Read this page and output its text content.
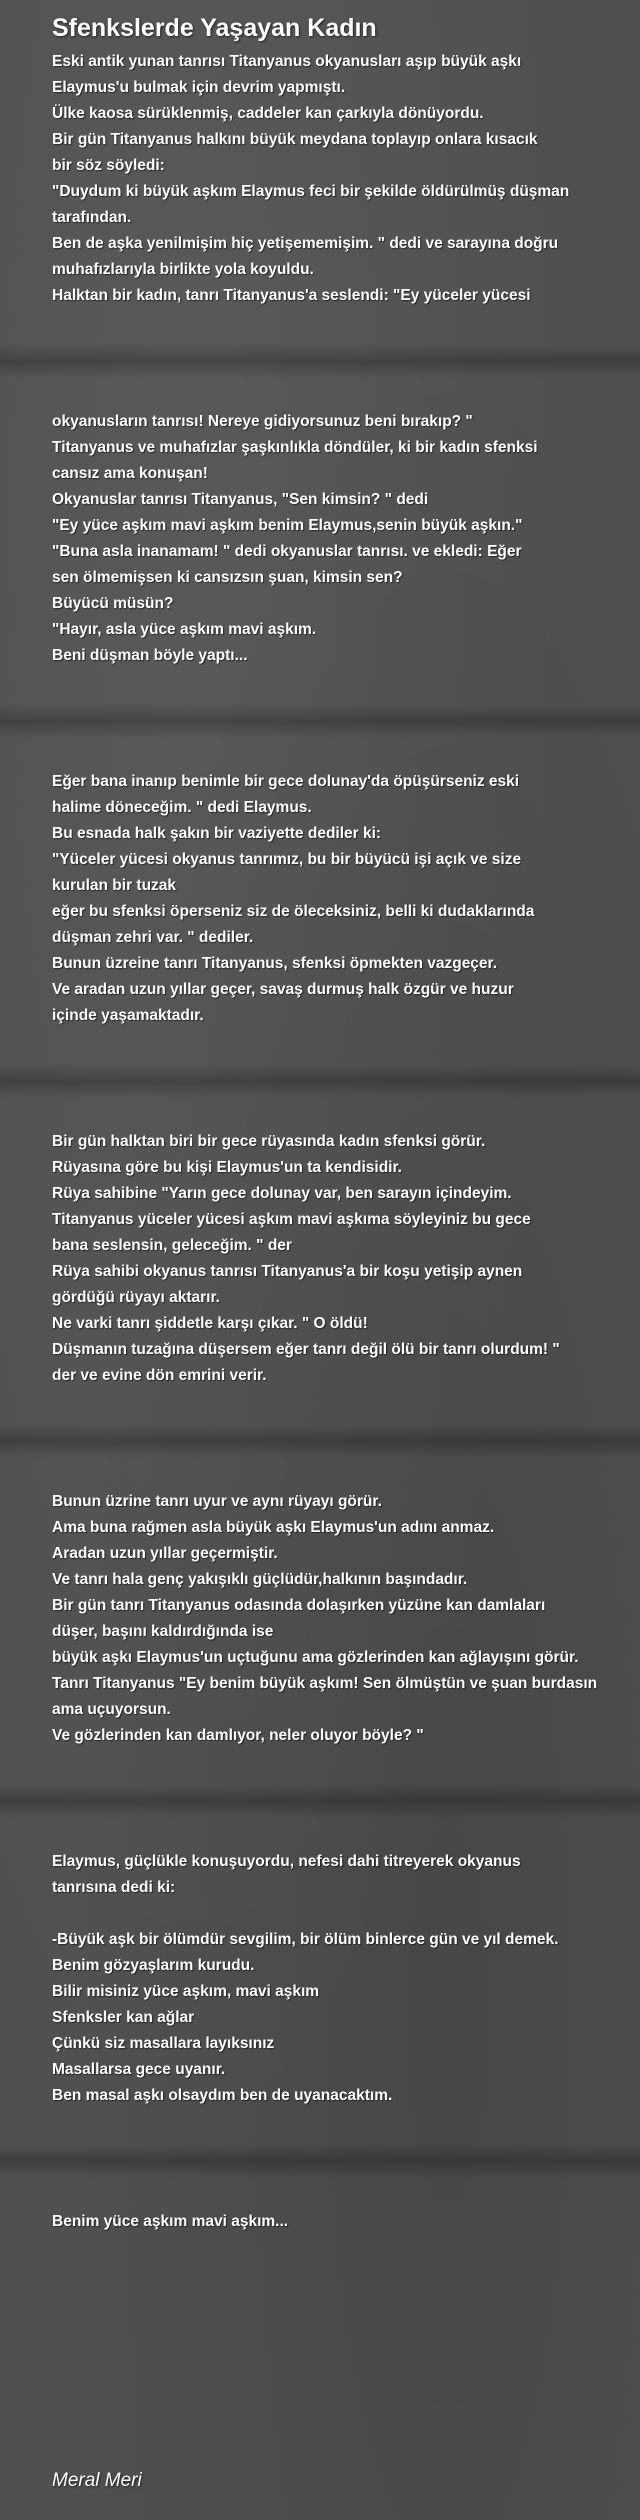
Sfenkslerde Yaşayan Kadın
Eski antik yunan tanrısı Titanyanus okyanusları aşıp büyük aşkı
Elaymus'u bulmak için devrim yapmıştı.
Ülke kaosa sürüklenmiş, caddeler kan çarkıyla dönüyordu.
Bir gün Titanyanus halkını büyük meydana toplayıp onlara kısacık
bir söz söyledi:
"Duydum ki büyük aşkım Elaymus feci bir şekilde öldürülmüş düşman
tarafından.
Ben de aşka yenilmişim hiç yetişememişim. " dedi ve sarayına doğru
muhafızlarıyla birlikte yola koyuldu.
Halktan bir kadın, tanrı Titanyanus'a seslendi: "Ey yüceler yücesi
okyanusların tanrısı! Nereye gidiyorsunuz beni bırakıp? "
Titanyanus ve muhafızlar şaşkınlıkla döndüler, ki bir kadın sfenksi
cansız ama konuşan!
Okyanuslar tanrısı Titanyanus, "Sen kimsin? " dedi
"Ey yüce aşkım mavi aşkım benim Elaymus,senin büyük aşkın."
"Buna asla inanamam! " dedi okyanuslar tanrısı. ve ekledi: Eğer
sen ölmemişsen ki cansızsın şuan, kimsin sen?
Büyücü müsün?
"Hayır, asla yüce aşkım mavi aşkım.
Beni düşman böyle yaptı...
Eğer bana inanıp benimle bir gece dolunay'da öpüşürseniz eski
halime döneceğim. " dedi Elaymus.
Bu esnada halk şakın bir vaziyette dediler ki:
"Yüceler yücesi okyanus tanrımız, bu bir büyücü işi açık ve size
kurulan bir tuzak
eğer bu sfenksi öperseniz siz de öleceksiniz, belli ki dudaklarında
düşman zehri var. " dediler.
Bunun üzreine tanrı Titanyanus, sfenksi öpmekten vazgeçer.
Ve aradan uzun yıllar geçer, savaş durmuş halk özgür ve huzur
içinde yaşamaktadır.
Bir gün halktan biri bir gece rüyasında kadın sfenksi görür.
Rüyasına göre bu kişi Elaymus'un ta kendisidir.
Rüya sahibine "Yarın gece dolunay var, ben sarayın içindeyim.
Titanyanus yüceler yücesi aşkım mavi aşkıma söyleyiniz bu gece
bana seslensin, geleceğim. " der
Rüya sahibi okyanus tanrısı Titanyanus'a bir koşu yetişip aynen
gördüğü rüyayı aktarır.
Ne varki tanrı şiddetle karşı çıkar. " O öldü!
Düşmanın tuzağına düşersem eğer tanrı değil ölü bir tanrı olurdum! "
der ve evine dön emrini verir.
Bunun üzrine tanrı uyur ve aynı rüyayı görür.
Ama buna rağmen asla büyük aşkı Elaymus'un adını anmaz.
Aradan uzun yıllar geçermiştir.
Ve tanrı hala genç yakışıklı güçlüdür,halkının başındadır.
Bir gün tanrı Titanyanus odasında dolaşırken yüzüne kan damlaları
düşer, başını kaldırdığında ise
büyük aşkı Elaymus'un uçtuğunu ama gözlerinden kan ağlayışını görür.
Tanrı Titanyanus "Ey benim büyük aşkım! Sen ölmüştün ve şuan burdasın
ama uçuyorsun.
Ve gözlerinden kan damlıyor, neler oluyor böyle? "
Elaymus, güçlükle konuşuyordu, nefesi dahi titreyerek okyanus
tanrısına dedi ki:
-Büyük aşk bir ölümdür sevgilim, bir ölüm binlerce gün ve yıl demek.
Benim gözyaşlarım kurudu.
Bilir misiniz yüce aşkım, mavi aşkım
Sfenksler kan ağlar
Çünkü siz masallara layıksınız
Masallarsa gece uyanır.
Ben masal aşkı olsaydım ben de uyanacaktım.
Benim yüce aşkım mavi aşkım...
Meral Meri
